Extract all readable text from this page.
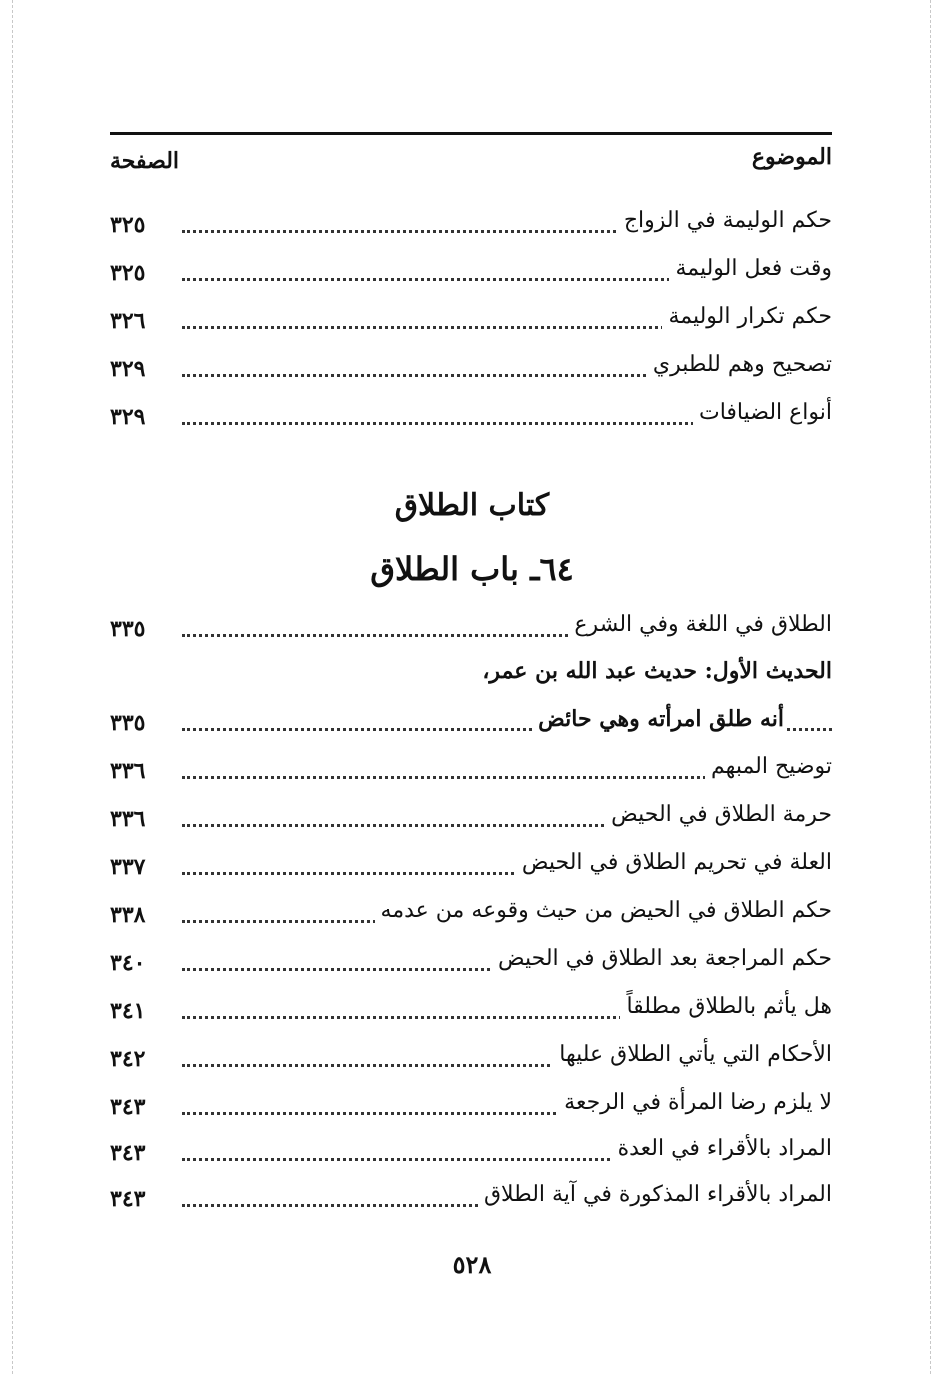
الموضوع
الصفحة
حكم الوليمة في الزواج
٣٢٥
وقت فعل الوليمة
٣٢٥
حكم تكرار الوليمة
٣٢٦
تصحيح وهم للطبري
٣٢٩
أنواع الضيافات
٣٢٩
كتاب الطلاق
٦٤ـ باب الطلاق
الطلاق في اللغة وفي الشرع
٣٣٥
الحديث الأول: حديث عبد الله بن عمر،
أنه طلق امرأته وهي حائض
٣٣٥
توضيح المبهم
٣٣٦
حرمة الطلاق في الحيض
٣٣٦
العلة في تحريم الطلاق في الحيض
٣٣٧
حكم الطلاق في الحيض من حيث وقوعه من عدمه
٣٣٨
حكم المراجعة بعد الطلاق في الحيض
٣٤٠
هل يأثم بالطلاق مطلقاً
٣٤١
الأحكام التي يأتي الطلاق عليها
٣٤٢
لا يلزم رضا المرأة في الرجعة
٣٤٣
المراد بالأقراء في العدة
٣٤٣
المراد بالأقراء المذكورة في آية الطلاق
٣٤٣
٥٢٨
